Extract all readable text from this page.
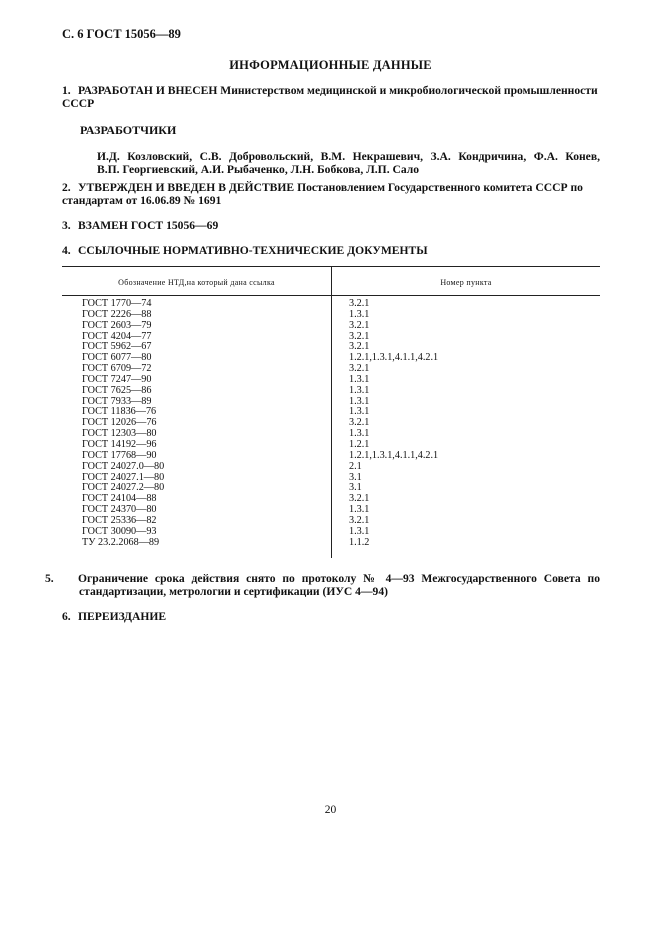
С. 6 ГОСТ 15056—89
ИНФОРМАЦИОННЫЕ ДАННЫЕ
1. РАЗРАБОТАН И ВНЕСЕН Министерством медицинской и микробиологической промышленности СССР
РАЗРАБОТЧИКИ
И.Д. Козловский, С.В. Добровольский, В.М. Некрашевич, З.А. Кондричина, Ф.А. Конев,
В.П. Георгиевский, А.И. Рыбаченко, Л.Н. Бобкова, Л.П. Сало
2. УТВЕРЖДЕН И ВВЕДЕН В ДЕЙСТВИЕ Постановлением Государственного комитета СССР по стандартам от 16.06.89 № 1691
3. ВЗАМЕН ГОСТ 15056—69
4. ССЫЛОЧНЫЕ НОРМАТИВНО-ТЕХНИЧЕСКИЕ ДОКУМЕНТЫ
Обозначение НТД,на который дана ссылка	Номер пункта
ГОСТ 1770—74
ГОСТ 2226—88
ГОСТ 2603—79
ГОСТ 4204—77
ГОСТ 5962—67
ГОСТ 6077—80
ГОСТ 6709—72
ГОСТ 7247—90
ГОСТ 7625—86
ГОСТ 7933—89
ГОСТ 11836—76
ГОСТ 12026—76
ГОСТ 12303—80
ГОСТ 14192—96
ГОСТ 17768—90
ГОСТ 24027.0—80
ГОСТ 24027.1—80
ГОСТ 24027.2—80
ГОСТ 24104—88
ГОСТ 24370—80
ГОСТ 25336—82
ГОСТ 30090—93
ТУ 23.2.2068—89
3.2.1
1.3.1
3.2.1
3.2.1
3.2.1
1.2.1,1.3.1,4.1.1,4.2.1
3.2.1
1.3.1
1.3.1
1.3.1
1.3.1
3.2.1
1.3.1
1.2.1
1.2.1,1.3.1,4.1.1,4.2.1
2.1
3.1
3.1
3.2.1
1.3.1
3.2.1
1.3.1
1.1.2
5. Ограничение срока действия снято по протоколу № 4—93 Межгосударственного Совета по стандартизации, метрологии и сертификации (ИУС 4—94)
6. ПЕРЕИЗДАНИЕ
20
